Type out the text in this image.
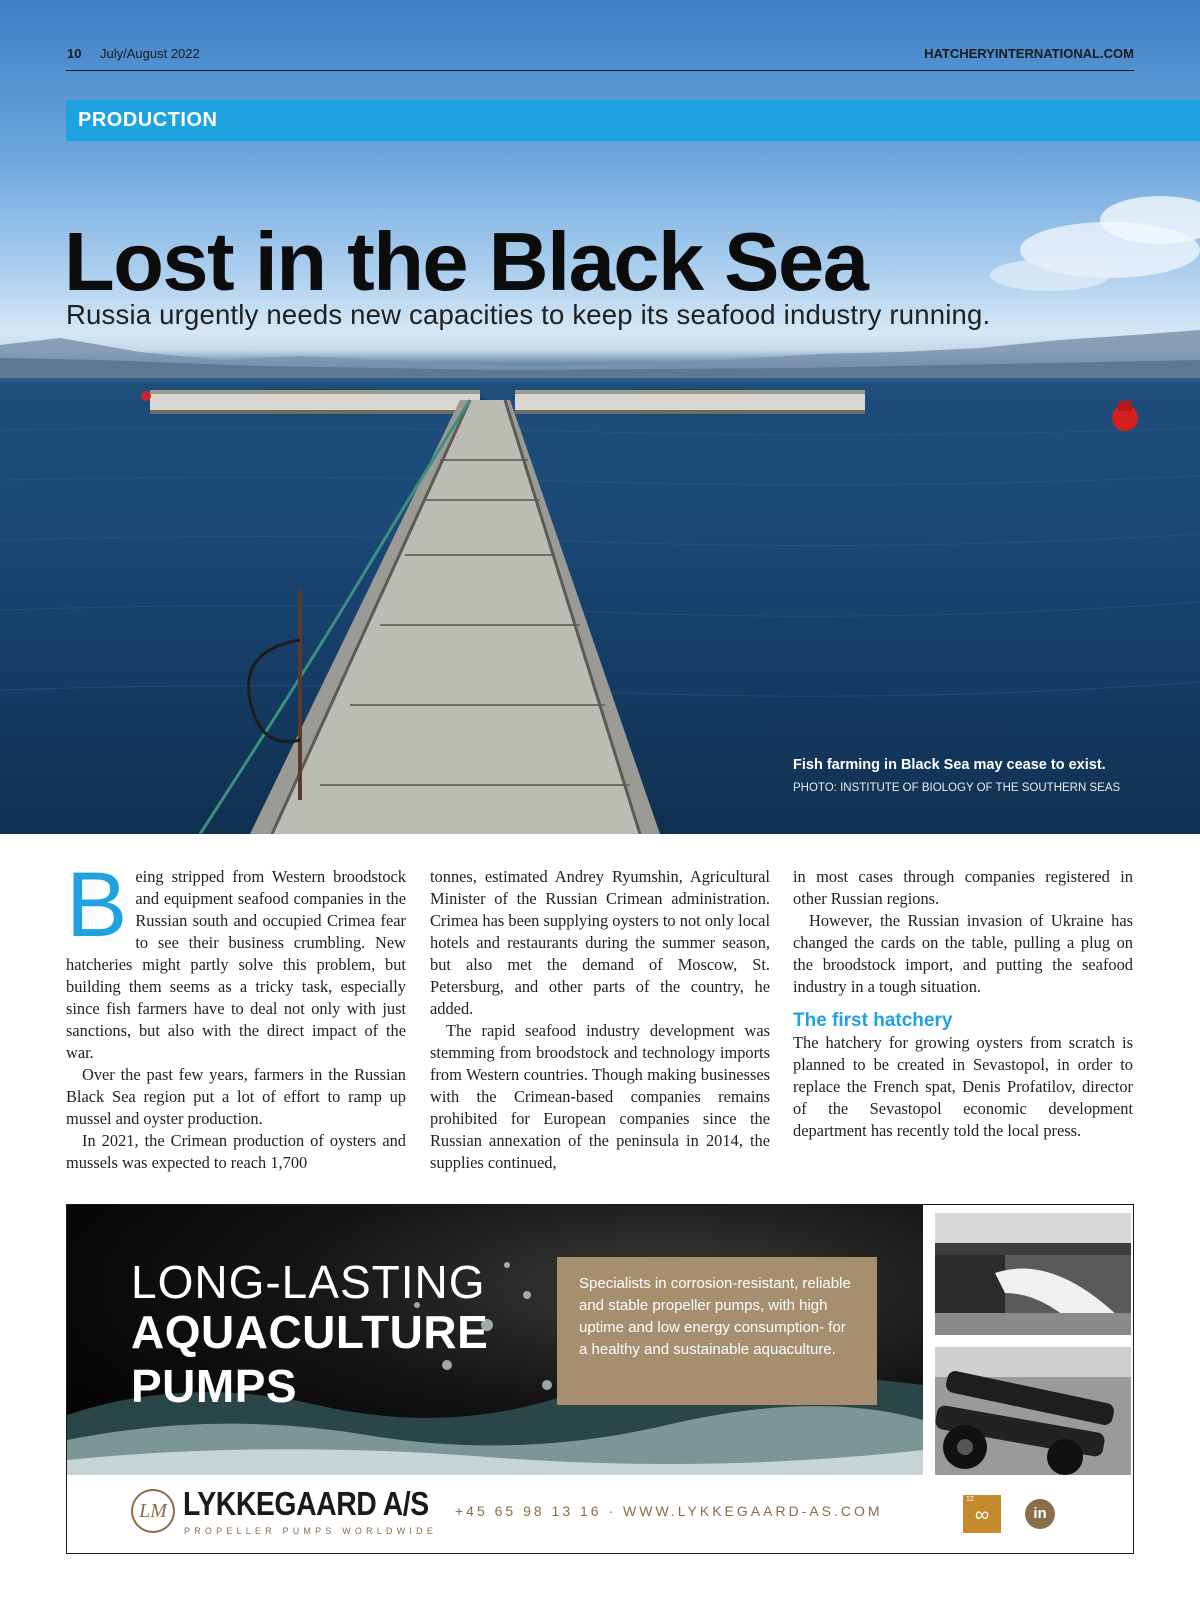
10 July/August 2022	HATCHERYINTERNATIONAL.COM
PRODUCTION
Lost in the Black Sea
Russia urgently needs new capacities to keep its seafood industry running.
Fish farming in Black Sea may cease to exist.
PHOTO: INSTITUTE OF BIOLOGY OF THE SOUTHERN SEAS
B eing stripped from Western broodstock and equipment seafood companies in the Russian south and occupied Crimea fear to see their business crumbling. New hatcheries might partly solve this problem, but building them seems as a tricky task, especially since fish farmers have to deal not only with just sanctions, but also with the direct impact of the war.

Over the past few years, farmers in the Russian Black Sea region put a lot of effort to ramp up mussel and oyster production.

In 2021, the Crimean production of oysters and mussels was expected to reach 1,700

tonnes, estimated Andrey Ryumshin, Agricultural Minister of the Russian Crimean administration. Crimea has been supplying oysters to not only local hotels and restaurants during the summer season, but also met the demand of Moscow, St. Petersburg, and other parts of the country, he added.

The rapid seafood industry development was stemming from broodstock and technology imports from Western countries. Though making businesses with the Crimean-based companies remains prohibited for European companies since the Russian annexation of the peninsula in 2014, the supplies continued,

in most cases through companies registered in other Russian regions.

However, the Russian invasion of Ukraine has changed the cards on the table, pulling a plug on the broodstock import, and putting the seafood industry in a tough situation.

The first hatchery

The hatchery for growing oysters from scratch is planned to be created in Sevastopol, in order to replace the French spat, Denis Profatilov, director of the Sevastopol economic development department has recently told the local press.

LONG-LASTING
AQUACULTURE
PUMPS
Specialists in corrosion-resistant, reliable and stable propeller pumps, with high uptime and low energy consumption- for a healthy and sustainable aquaculture.
LM LYKKEGAARD A/S
PROPELLER PUMPS WORLDWIDE
+45 65 98 13 16 · WWW.LYKKEGAARD-AS.COM
12
∞	in
